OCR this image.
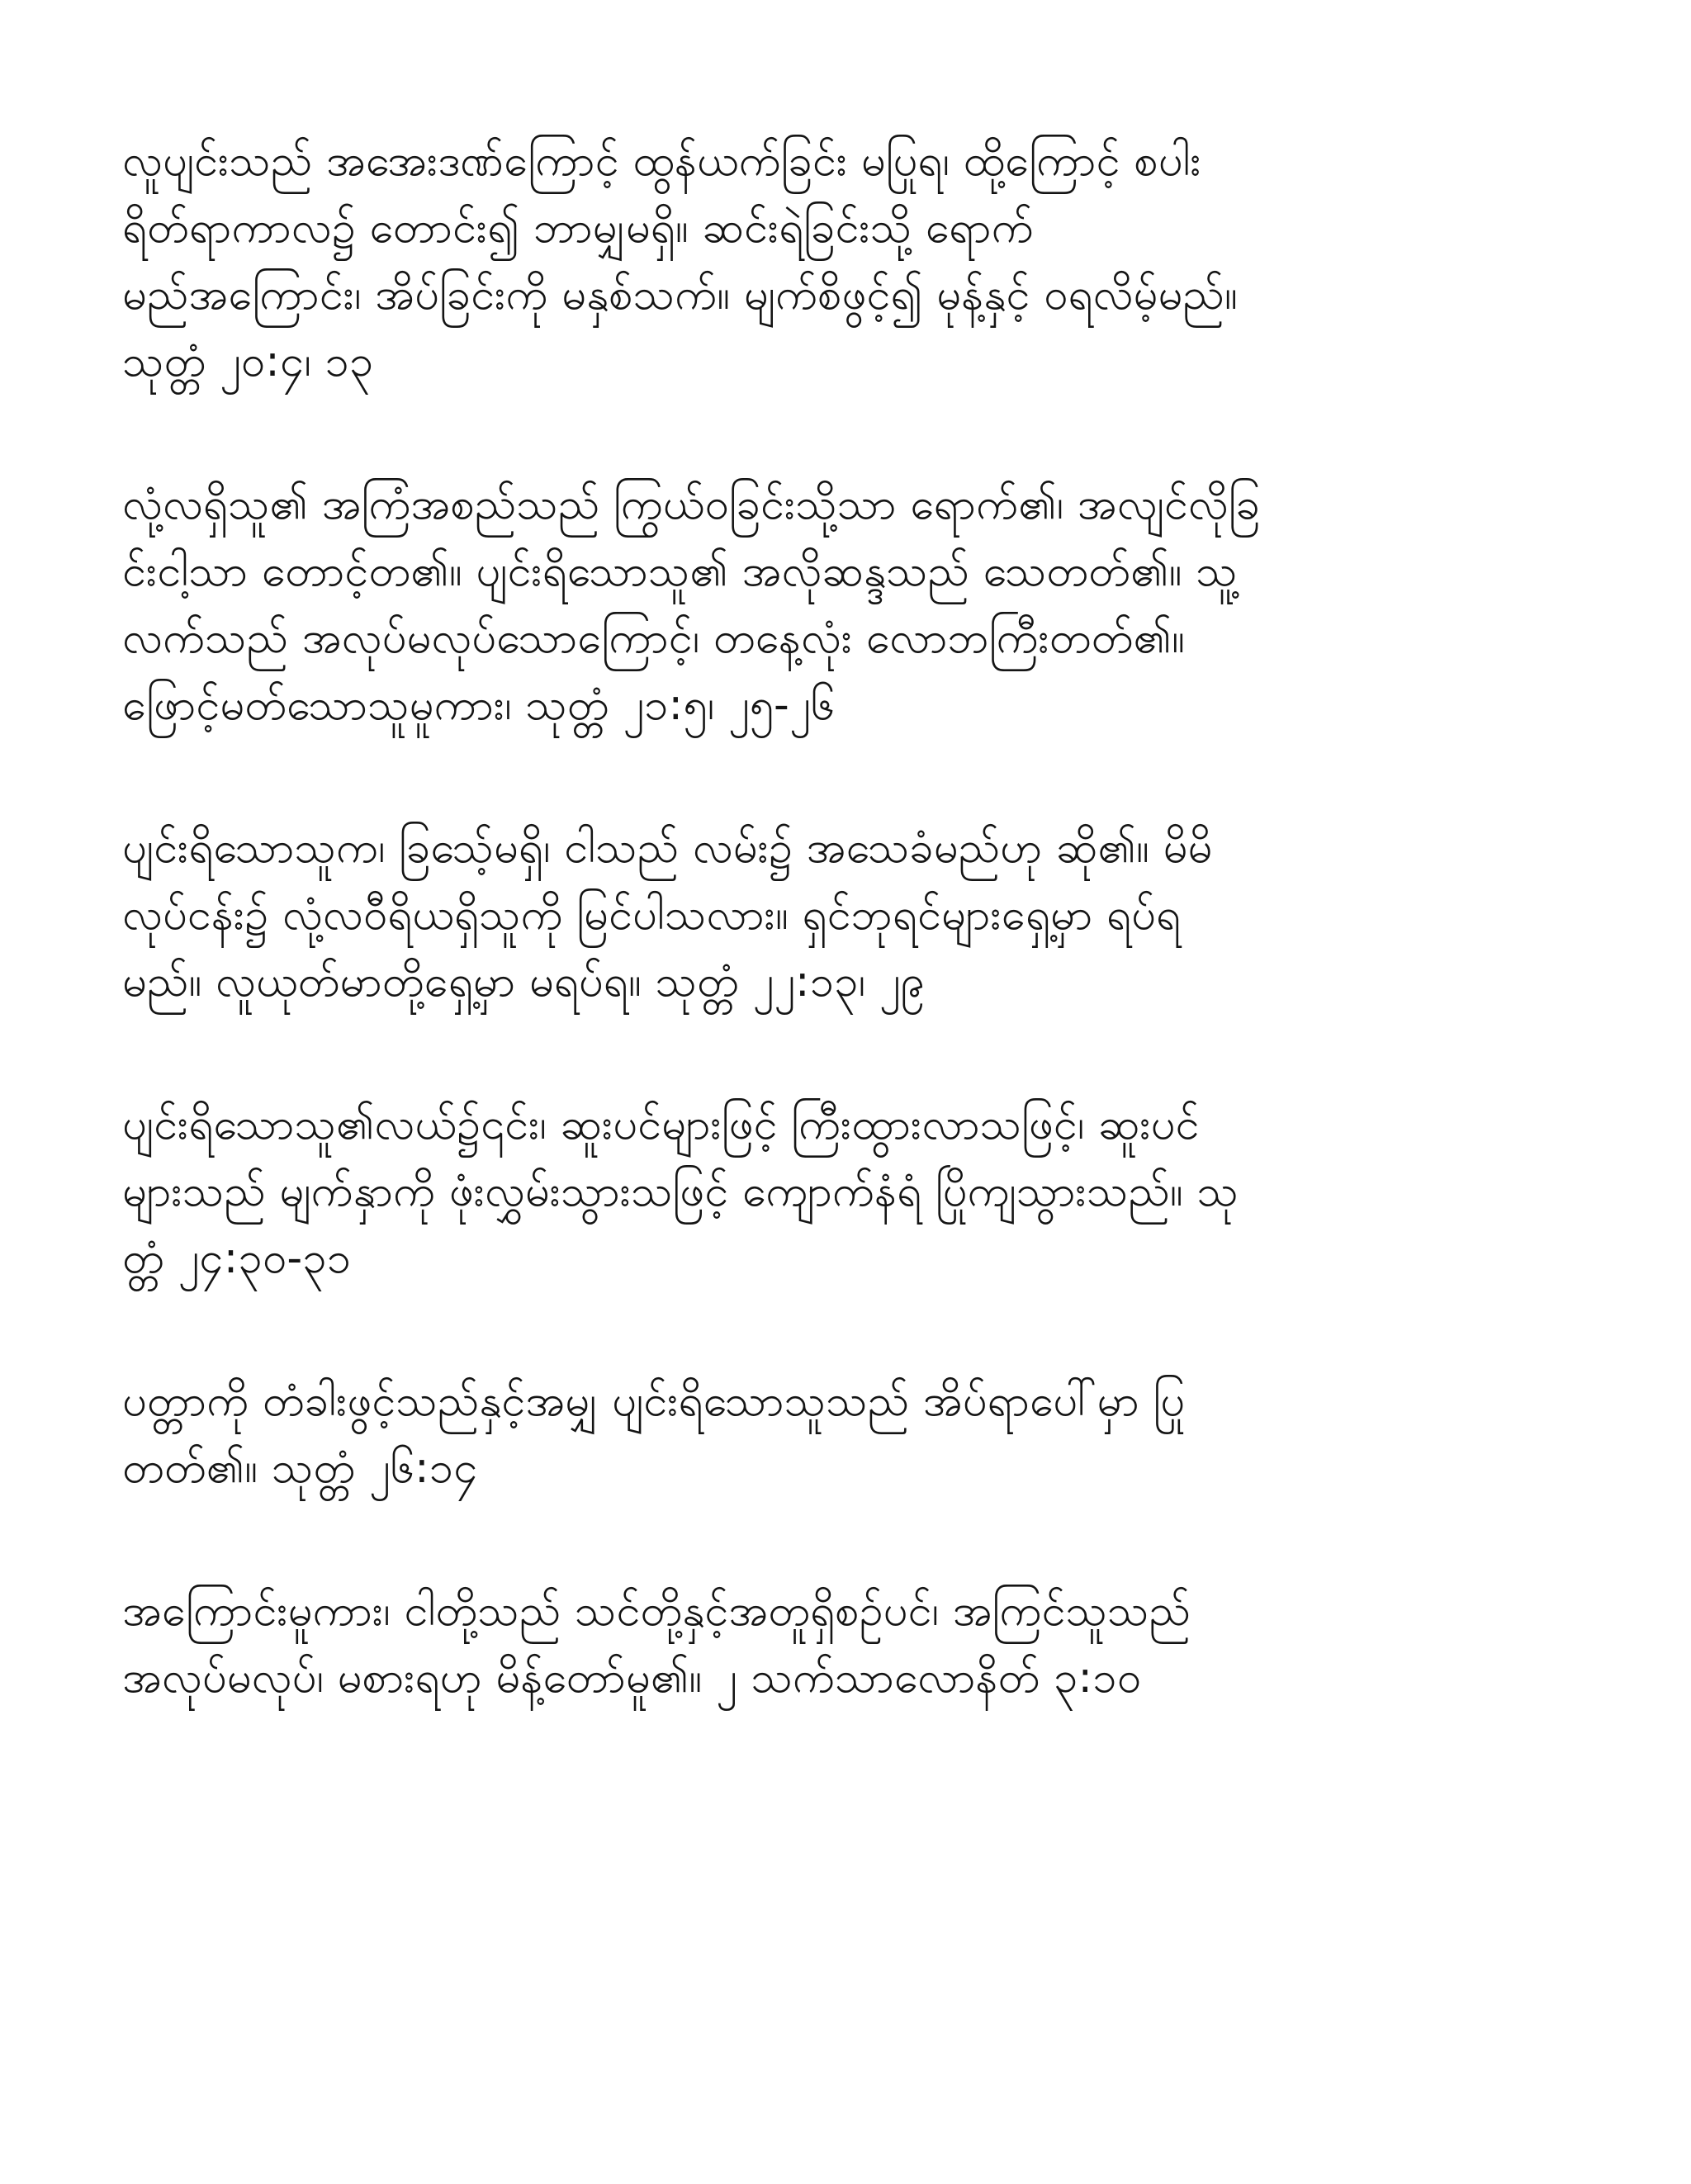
လူပျင်းသည် အအေးဒဏ်ကြောင့် ထွန်ယက်ခြင်း မပြုရ၊ ထို့ကြောင့် စပါး
ရိတ်ရာကာလ၌ တောင်း၍ ဘာမျှမရှိ။ ဆင်းရဲခြင်းသို့ ရောက်
မည်အကြောင်း၊ အိပ်ခြင်းကို မနှစ်သက်။ မျက်စိဖွင့်၍ မုန့်နှင့် ဝရလိမ့်မည်။
သုတ္တံ ၂၀:၄၊ ၁၃
လုံ့လရှိသူ၏ အကြံအစည်သည် ကြွယ်ဝခြင်းသို့သာ ရောက်၏၊ အလျင်လိုခြ
င်းငါ့သာ တောင့်တ၏။ ပျင်းရိသောသူ၏ အလိုဆန္ဒသည် သေတတ်၏။ သူ့
လက်သည် အလုပ်မလုပ်သောကြောင့်၊ တနေ့လုံး လောဘကြီးတတ်၏။
ဖြောင့်မတ်သောသူမူကား၊ သုတ္တံ ၂၁:၅၊ ၂၅-၂၆
ပျင်းရိသောသူက၊ ခြသေ့်မရှိ၊ ငါသည် လမ်း၌ အသေခံမည်ဟု ဆို၏။ မိမိ
လုပ်ငန်း၌ လုံ့လဝီရိယရှိသူကို မြင်ပါသလား။ ရှင်ဘုရင်များရှေ့မှာ ရပ်ရ
မည်။ လူယုတ်မာတို့ရှေ့မှာ မရပ်ရ။ သုတ္တံ ၂၂:၁၃၊ ၂၉
ပျင်းရိသောသူ၏လယ်၌၎င်း၊ ဆူးပင်များဖြင့် ကြီးထွားလာသဖြင့်၊ ဆူးပင်
များသည် မျက်နှာကို ဖုံးလွှမ်းသွားသဖြင့် ကျောက်နံရံ ပြိုကျသွားသည်။ သု
တ္တံ ၂၄:၃၀-၃၁
ပတ္တာကို တံခါးဖွင့်သည်နှင့်အမျှ ပျင်းရိသောသူသည် အိပ်ရာပေါ်မှာ ပြု
တတ်၏။ သုတ္တံ ၂၆:၁၄
အကြောင်းမူကား၊ ငါတို့သည် သင်တို့နှင့်အတူရှိစဉ်ပင်၊ အကြင်သူသည်
အလုပ်မလုပ်၊ မစားရဟု မိန့်တော်မူ၏။ ၂ သက်သာလောနိတ် ၃:၁၀
